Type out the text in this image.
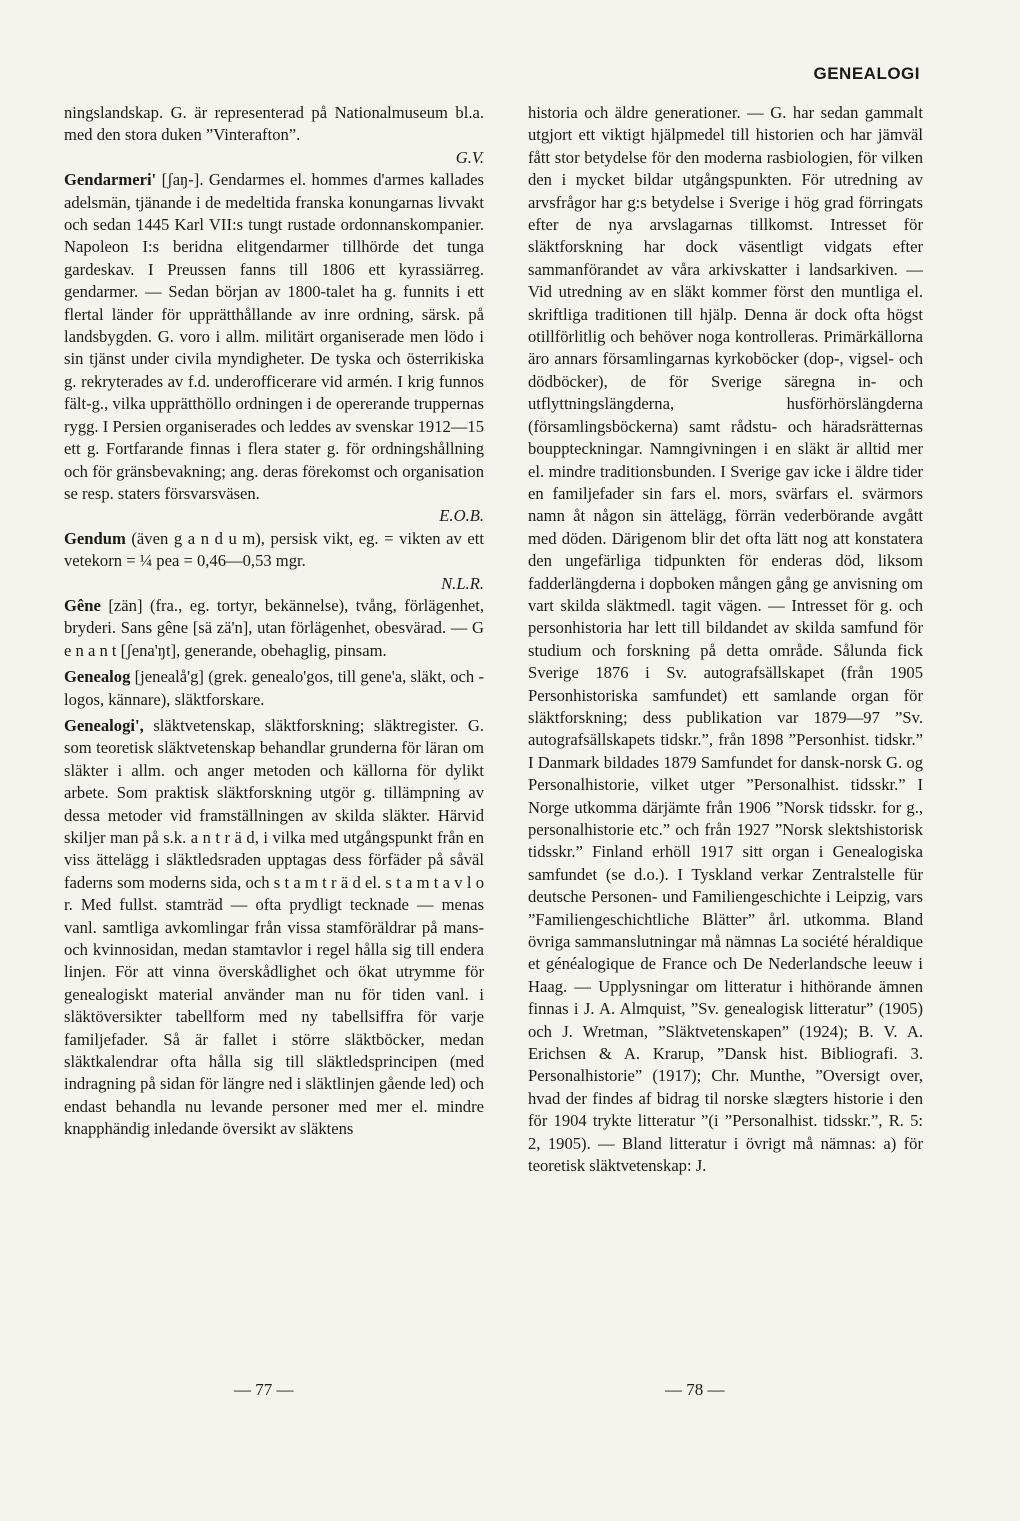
GENEALOGI

ningslandskap. G. är representerad på Nationalmuseum bl.a. med den stora duken ”Vinterafton”.
G.V.

Gendarmeri' [ʃaŋ-]. Gendarmes el. hommes d'armes kallades adelsmän, tjänande i de medeltida franska konungarnas livvakt och sedan 1445 Karl VII:s tungt rustade ordonnanskompanier. Napoleon I:s beridna elitgendarmer tillhörde det tunga gardeskav. I Preussen fanns till 1806 ett kyrassiärreg. gendarmer. — Sedan början av 1800-talet ha g. funnits i ett flertal länder för upprätthållande av inre ordning, särsk. på landsbygden. G. voro i allm. militärt organiserade men lödo i sin tjänst under civila myndigheter. De tyska och österrikiska g. rekryterades av f.d. underofficerare vid armén. I krig funnos fält-g., vilka upprätthöllo ordningen i de opererande truppernas rygg. I Persien organiserades och leddes av svenskar 1912—15 ett g. Fortfarande finnas i flera stater g. för ordningshållning och för gränsbevakning; ang. deras förekomst och organisation se resp. staters försvarsväsen.
E.O.B.

Gendum (även g a n d u m), persisk vikt, eg. = vikten av ett vetekorn = ¼ pea = 0,46—0,53 mgr.
N.L.R.

Gêne [zän] (fra., eg. tortyr, bekännelse), tvång, förlägenhet, bryderi. Sans gêne [sä zä'n], utan förlägenhet, obesvärad. — G e n a n t [ʃena'ŋt], generande, obehaglig, pinsam.

Genealog [jenealå'g] (grek. genealo'gos, till gene'a, släkt, och -logos, kännare), släktforskare.

Genealogi', släktvetenskap, släktforskning; släktregister. G. som teoretisk släktvetenskap behandlar grunderna för läran om släkter i allm. och anger metoden och källorna för dylikt arbete. Som praktisk släktforskning utgör g. tillämpning av dessa metoder vid framställningen av skilda släkter. Härvid skiljer man på s.k. a n t r ä d, i vilka med utgångspunkt från en viss ättelägg i släktledsraden upptagas dess förfäder på såväl faderns som moderns sida, och s t a m t r ä d el. s t a m t a v l o r. Med fullst. stamträd — ofta prydligt tecknade — menas vanl. samtliga avkomlingar från vissa stamföräldrar på mans- och kvinnosidan, medan stamtavlor i regel hålla sig till endera linjen. För att vinna överskådlighet och ökat utrymme för genealogiskt material använder man nu för tiden vanl. i släktöversikter tabellform med ny tabellsiffra för varje familjefader. Så är fallet i större släktböcker, medan släktkalendrar ofta hålla sig till släktledsprincipen (med indragning på sidan för längre ned i släktlinjen gående led) och endast behandla nu levande personer med mer el. mindre knapphändig inledande översikt av släktens

historia och äldre generationer. — G. har sedan gammalt utgjort ett viktigt hjälpmedel till historien och har jämväl fått stor betydelse för den moderna rasbiologien, för vilken den i mycket bildar utgångspunkten. För utredning av arvsfrågor har g:s betydelse i Sverige i hög grad förringats efter de nya arvslagarnas tillkomst. Intresset för släktforskning har dock väsentligt vidgats efter sammanförandet av våra arkivskatter i landsarkiven. — Vid utredning av en släkt kommer först den muntliga el. skriftliga traditionen till hjälp. Denna är dock ofta högst otillförlitlig och behöver noga kontrolleras. Primärkällorna äro annars församlingarnas kyrkoböcker (dop-, vigsel- och dödböcker), de för Sverige säregna in- och utflyttningslängderna, husförhörslängderna (församlingsböckerna) samt rådstu- och häradsrätternas bouppteckningar. Namngivningen i en släkt är alltid mer el. mindre traditionsbunden. I Sverige gav icke i äldre tider en familjefader sin fars el. mors, svärfars el. svärmors namn åt någon sin ättelägg, förrän vederbörande avgått med döden. Därigenom blir det ofta lätt nog att konstatera den ungefärliga tidpunkten för enderas död, liksom fadderlängderna i dopboken mången gång ge anvisning om vart skilda släktmedl. tagit vägen. — Intresset för g. och personhistoria har lett till bildandet av skilda samfund för studium och forskning på detta område. Sålunda fick Sverige 1876 i Sv. autografsällskapet (från 1905 Personhistoriska samfundet) ett samlande organ för släktforskning; dess publikation var 1879—97 ”Sv. autografsällskapets tidskr.”, från 1898 ”Personhist. tidskr.” I Danmark bildades 1879 Samfundet for dansk-norsk G. og Personalhistorie, vilket utger ”Personalhist. tidsskr.” I Norge utkomma därjämte från 1906 ”Norsk tidsskr. for g., personalhistorie etc.” och från 1927 ”Norsk slektshistorisk tidsskr.” Finland erhöll 1917 sitt organ i Genealogiska samfundet (se d.o.). I Tyskland verkar Zentralstelle für deutsche Personen- und Familiengeschichte i Leipzig, vars ”Familiengeschichtliche Blätter” årl. utkomma. Bland övriga sammanslutningar må nämnas La société héraldique et généalogique de France och De Nederlandsche leeuw i Haag. — Upplysningar om litteratur i hithörande ämnen finnas i J. A. Almquist, ”Sv. genealogisk litteratur” (1905) och J. Wretman, ”Släktvetenskapen” (1924); B. V. A. Erichsen & A. Krarup, ”Dansk hist. Bibliografi. 3. Personalhistorie” (1917); Chr. Munthe, ”Oversigt over, hvad der findes af bidrag til norske slægters historie i den för 1904 trykte litteratur ”(i ”Personalhist. tidsskr.”, R. 5: 2, 1905). — Bland litteratur i övrigt må nämnas: a) för teoretisk släktvetenskap: J.

— 77 —	— 78 —
